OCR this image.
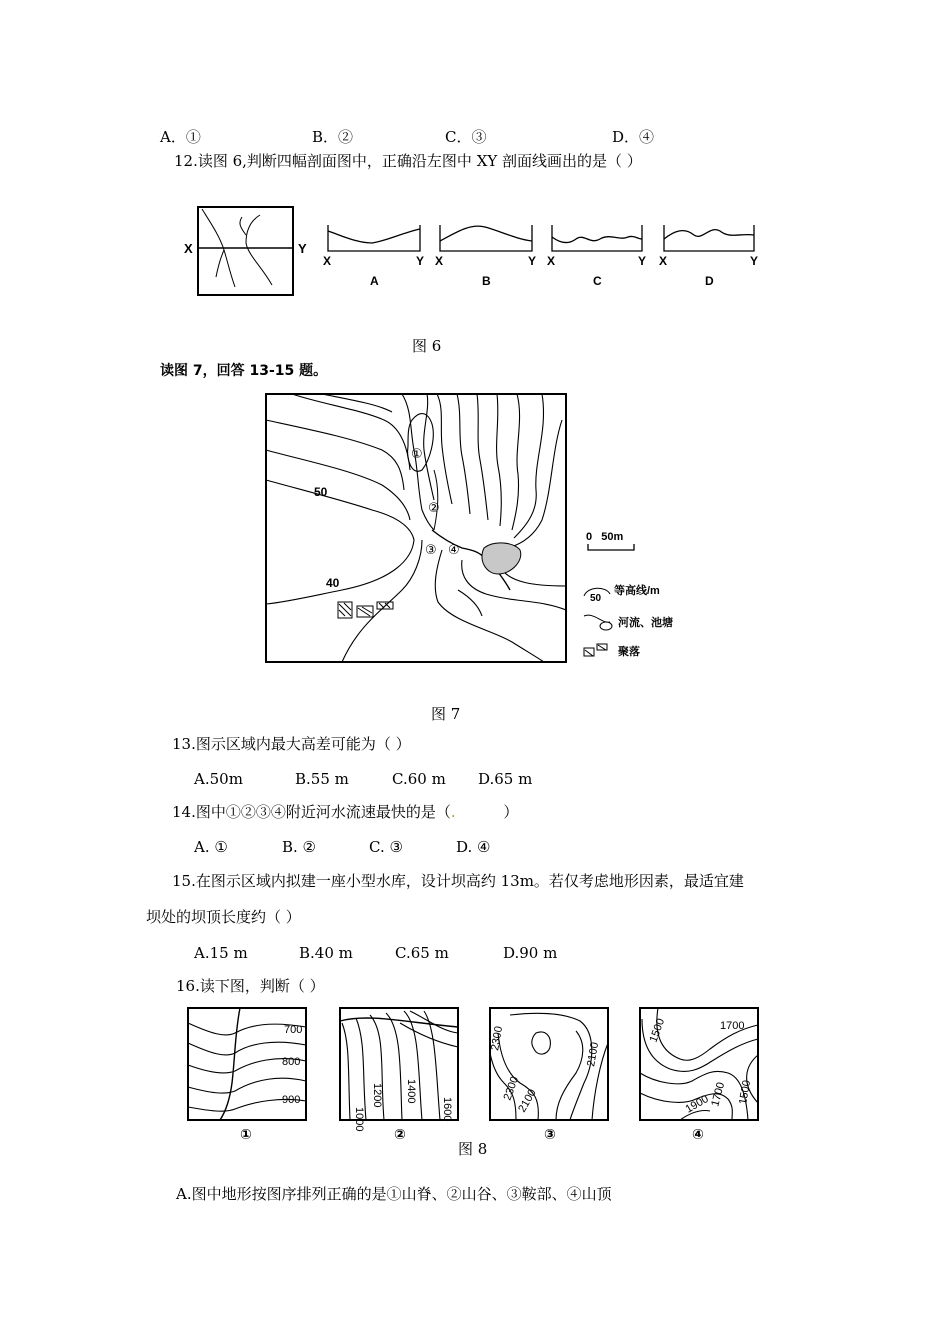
A．①	B．②	C．③	D．④
12.读图 6,判断四幅剖面图中，正确沿左图中 XY 剖面线画出的是（ ）
X	Y
X	Y
A
X	Y
B
X	Y
C
X	Y
D
图 6
读图 7，回答 13-15 题。
50
40
①
②
③ ④
0   50m
50
等高线/m
河流、池塘
聚落
图 7
13.图示区域内最大高差可能为（ ）
A.50m	B.55 m	C.60 m D.65 m
14.图中①②③④附近河水流速最快的是（.          ）
A. ①	B. ②	C. ③	D. ④
15.在图示区域内拟建一座小型水库，设计坝高约 13m。若仅考虑地形因素，最适宜建
坝处的坝顶长度约（ ）
A.15 m	B.40 m	C.65 m	D.90 m
16.读下图，判断（ ）
700
800
900
①
1000
1200 1400
1600
②
2300
2100
2300
2100
③
1500	1700
1900
1700 1500
④
图 8
A.图中地形按图序排列正确的是①山脊、②山谷、③鞍部、④山顶
